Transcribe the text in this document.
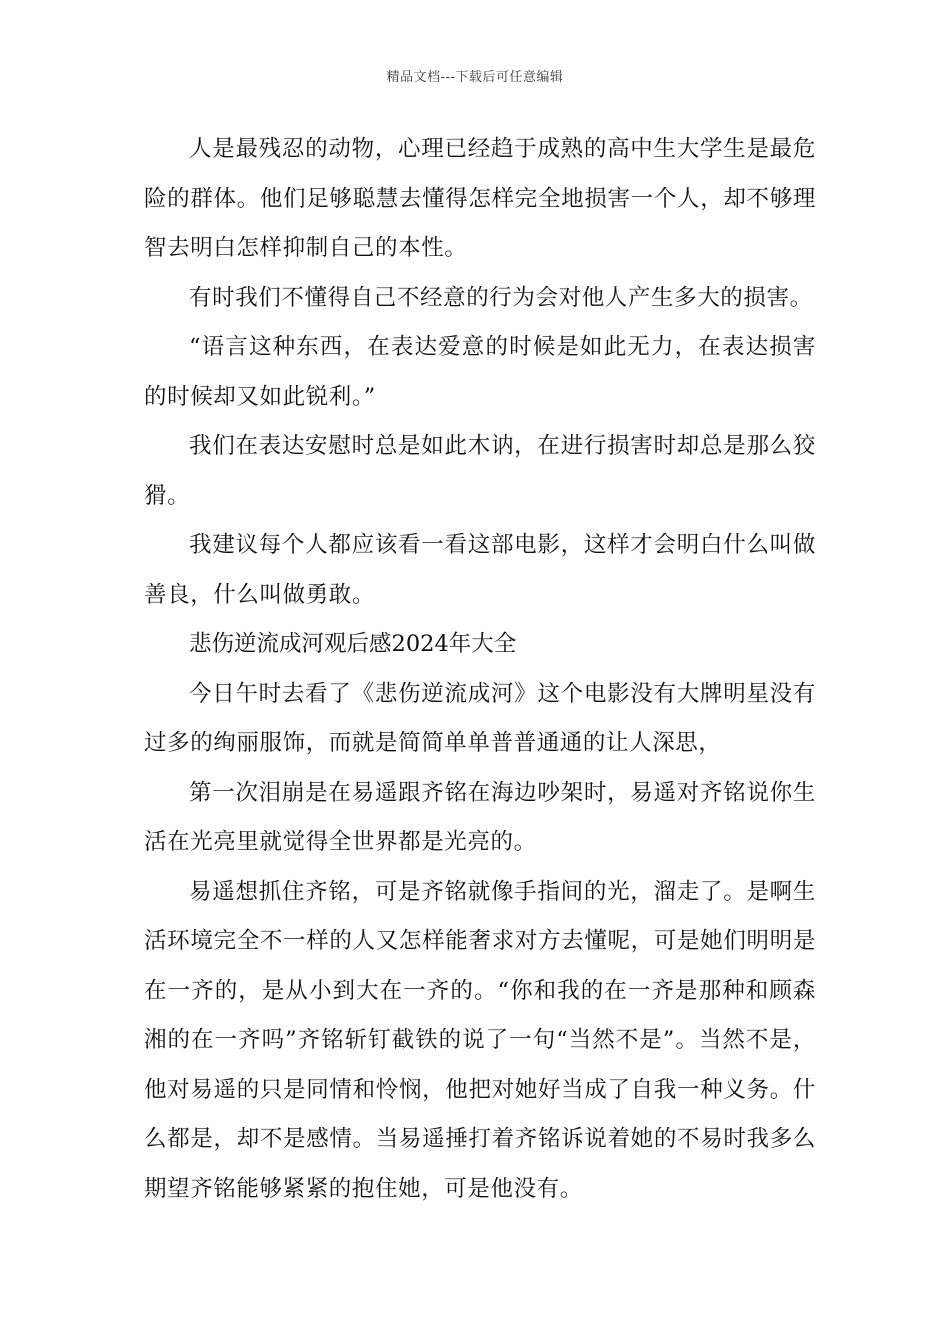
精品文档---下载后可任意编辑

人是最残忍的动物，心理已经趋于成熟的高中生大学生是最危险的群体。他们足够聪慧去懂得怎样完全地损害一个人，却不够理智去明白怎样抑制自己的本性。

有时我们不懂得自己不经意的行为会对他人产生多大的损害。

“语言这种东西，在表达爱意的时候是如此无力，在表达损害的时候却又如此锐利。”

我们在表达安慰时总是如此木讷，在进行损害时却总是那么狡猾。

我建议每个人都应该看一看这部电影，这样才会明白什么叫做善良，什么叫做勇敢。

悲伤逆流成河观后感2024年大全

今日午时去看了《悲伤逆流成河》这个电影没有大牌明星没有过多的绚丽服饰，而就是简简单单普普通通的让人深思，

第一次泪崩是在易遥跟齐铭在海边吵架时，易遥对齐铭说你生活在光亮里就觉得全世界都是光亮的。

易遥想抓住齐铭，可是齐铭就像手指间的光，溜走了。是啊生活环境完全不一样的人又怎样能奢求对方去懂呢，可是她们明明是在一齐的，是从小到大在一齐的。“你和我的在一齐是那种和顾森湘的在一齐吗”齐铭斩钉截铁的说了一句“当然不是”。当然不是，他对易遥的只是同情和怜悯，他把对她好当成了自我一种义务。什么都是，却不是感情。当易遥捶打着齐铭诉说着她的不易时我多么期望齐铭能够紧紧的抱住她，可是他没有。
